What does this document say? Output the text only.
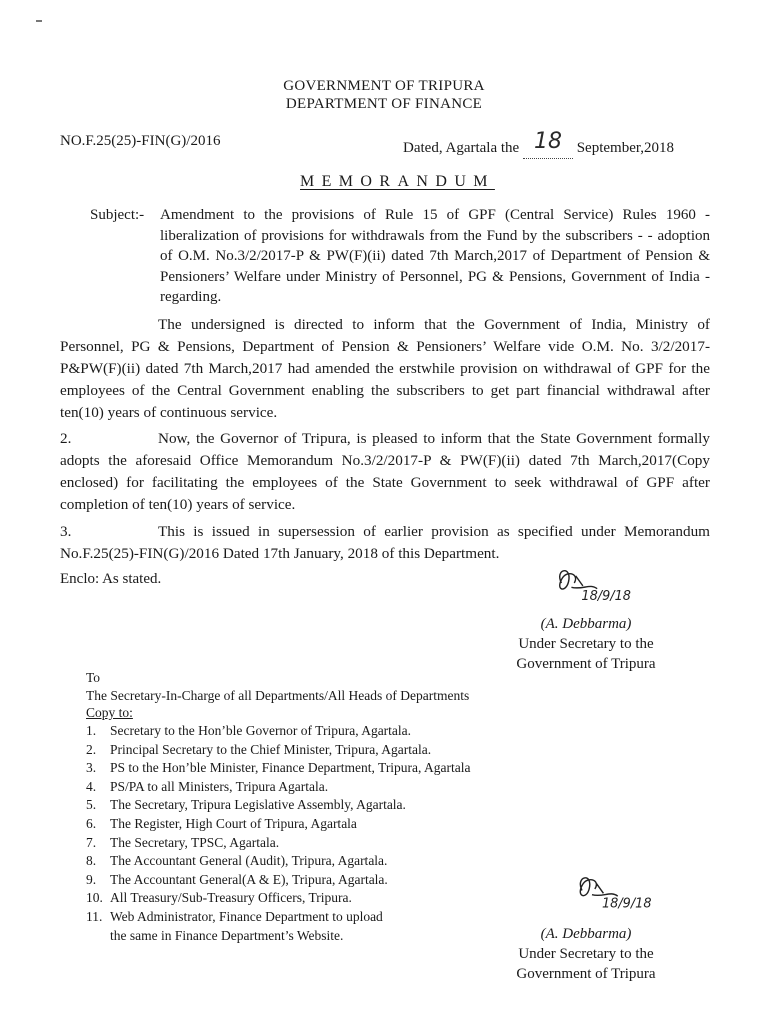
GOVERNMENT OF TRIPURA
DEPARTMENT OF FINANCE
NO.F.25(25)-FIN(G)/2016	Dated, Agartala the 18 September,2018
MEMORANDUM
Subject:- Amendment to the provisions of Rule 15 of GPF (Central Service) Rules 1960 - liberalization of provisions for withdrawals from the Fund by the subscribers - - adoption of O.M. No.3/2/2017-P & PW(F)(ii) dated 7th March,2017 of Department of Pension & Pensioners’ Welfare under Ministry of Personnel, PG & Pensions, Government of India - regarding.
The undersigned is directed to inform that the Government of India, Ministry of Personnel, PG & Pensions, Department of Pension & Pensioners’ Welfare vide O.M. No. 3/2/2017-P&PW(F)(ii) dated 7th March,2017 had amended the erstwhile provision on withdrawal of GPF for the employees of the Central Government enabling the subscribers to get part financial withdrawal after ten(10) years of continuous service.
2.	Now, the Governor of Tripura, is pleased to inform that the State Government formally adopts the aforesaid Office Memorandum No.3/2/2017-P & PW(F)(ii) dated 7th March,2017(Copy enclosed) for facilitating the employees of the State Government to seek withdrawal of GPF after completion of ten(10) years of service.
3.	This is issued in supersession of earlier provision as specified under Memorandum No.F.25(25)-FIN(G)/2016 Dated 17th January, 2018 of this Department.
Enclo: As stated.
18/9/18
(A. Debbarma)
Under Secretary to the
Government of Tripura
To
The Secretary-In-Charge of all Departments/All Heads of Departments
Copy to:
1. Secretary to the Hon’ble Governor of Tripura, Agartala.
2. Principal Secretary to the Chief Minister, Tripura, Agartala.
3. PS to the Hon’ble Minister, Finance Department, Tripura, Agartala
4. PS/PA to all Ministers, Tripura Agartala.
5. The Secretary, Tripura Legislative Assembly, Agartala.
6. The Register, High Court of Tripura, Agartala
7. The Secretary, TPSC, Agartala.
8. The Accountant General (Audit), Tripura, Agartala.
9. The Accountant General(A & E), Tripura, Agartala.
10. All Treasury/Sub-Treasury Officers, Tripura.
11. Web Administrator, Finance Department to upload
the same in Finance Department’s Website.
18/9/18
(A. Debbarma)
Under Secretary to the
Government of Tripura
